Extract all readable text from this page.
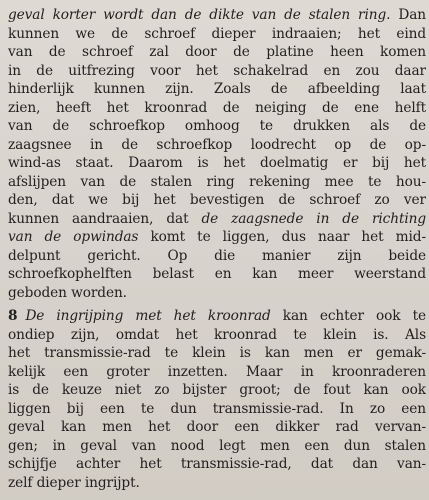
geval korter wordt dan de dikte van de stalen ring. Dan
kunnen we de schroef dieper indraaien; het eind
van de schroef zal door de platine heen komen
in de uitfrezing voor het schakelrad en zou daar
hinderlijk kunnen zijn. Zoals de afbeelding laat
zien, heeft het kroonrad de neiging de ene helft
van de schroefkop omhoog te drukken als de
zaagsnee in de schroefkop loodrecht op de op-
wind-as staat. Daarom is het doelmatig er bij het
afslijpen van de stalen ring rekening mee te hou-
den, dat we bij het bevestigen de schroef zo ver
kunnen aandraaien, dat de zaagsnede in de richting
van de opwindas komt te liggen, dus naar het mid-
delpunt gericht. Op die manier zijn beide
schroefkophelften belast en kan meer weerstand
geboden worden.
8 De ingrijping met het kroonrad kan echter ook te
ondiep zijn, omdat het kroonrad te klein is. Als
het transmissie-rad te klein is kan men er gemak-
kelijk een groter inzetten. Maar in kroonraderen
is de keuze niet zo bijster groot; de fout kan ook
liggen bij een te dun transmissie-rad. In zo een
geval kan men het door een dikker rad vervan-
gen; in geval van nood legt men een dun stalen
schijfje achter het transmissie-rad, dat dan van-
zelf dieper ingrijpt.
